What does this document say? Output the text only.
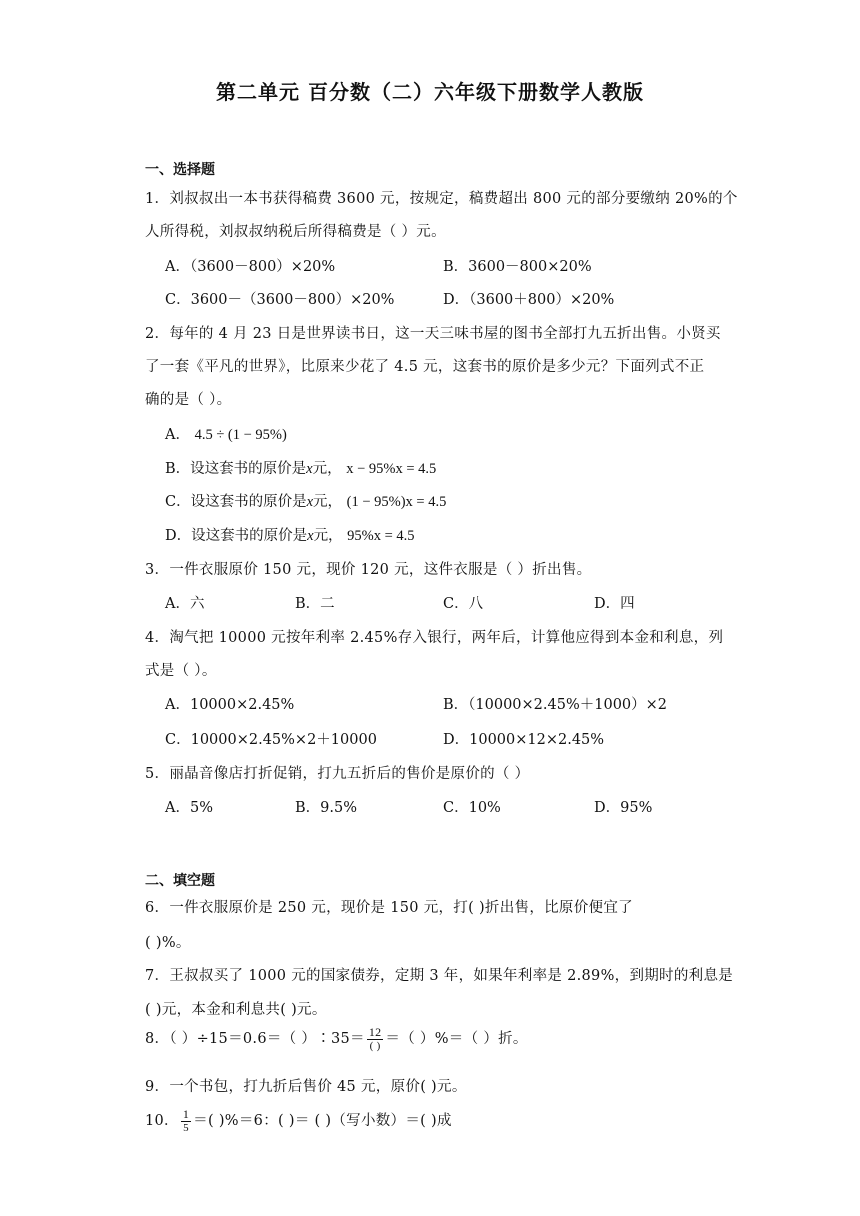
第二单元 百分数（二）六年级下册数学人教版
一、选择题
1．刘叔叔出一本书获得稿费 3600 元，按规定，稿费超出 800 元的部分要缴纳 20%的个
人所得税，刘叔叔纳税后所得稿费是（ ）元。
A．（3600－800）×20%	B．3600－800×20%
C．3600－（3600－800）×20%	D．（3600＋800）×20%
2．每年的 4 月 23 日是世界读书日，这一天三味书屋的图书全部打九五折出售。小贤买
了一套《平凡的世界》，比原来少花了 4.5 元，这套书的原价是多少元？下面列式不正
确的是（ ）。
A． 4.5 ÷ (1 − 95%)
B．设这套书的原价是x元， x − 95%x = 4.5
C．设这套书的原价是x元， (1 − 95%)x = 4.5
D．设这套书的原价是x元， 95%x = 4.5
3．一件衣服原价 150 元，现价 120 元，这件衣服是（ ）折出售。
A．六	B．二	C．八	D．四
4．淘气把 10000 元按年利率 2.45%存入银行，两年后，计算他应得到本金和利息，列
式是（ ）。
A．10000×2.45%	B．（10000×2.45%＋1000）×2
C．10000×2.45%×2＋10000	D．10000×12×2.45%
5．丽晶音像店打折促销，打九五折后的售价是原价的（ ）
A．5%	B．9.5%	C．10%	D．95%
二、填空题
6．一件衣服原价是 250 元，现价是 150 元，打( )折出售，比原价便宜了
( )%。
7．王叔叔买了 1000 元的国家债券，定期 3 年，如果年利率是 2.89%，到期时的利息是
( )元，本金和利息共( )元。
8．（ ）÷15＝0.6＝（ ）∶35＝ $\frac{12}{( )}$ ＝（ ）%＝（ ）折。
9．一个书包，打九折后售价 45 元，原价( )元。
10． $\frac{1}{5}$ ＝( )%＝6：( )＝ ( )（写小数）＝( )成
